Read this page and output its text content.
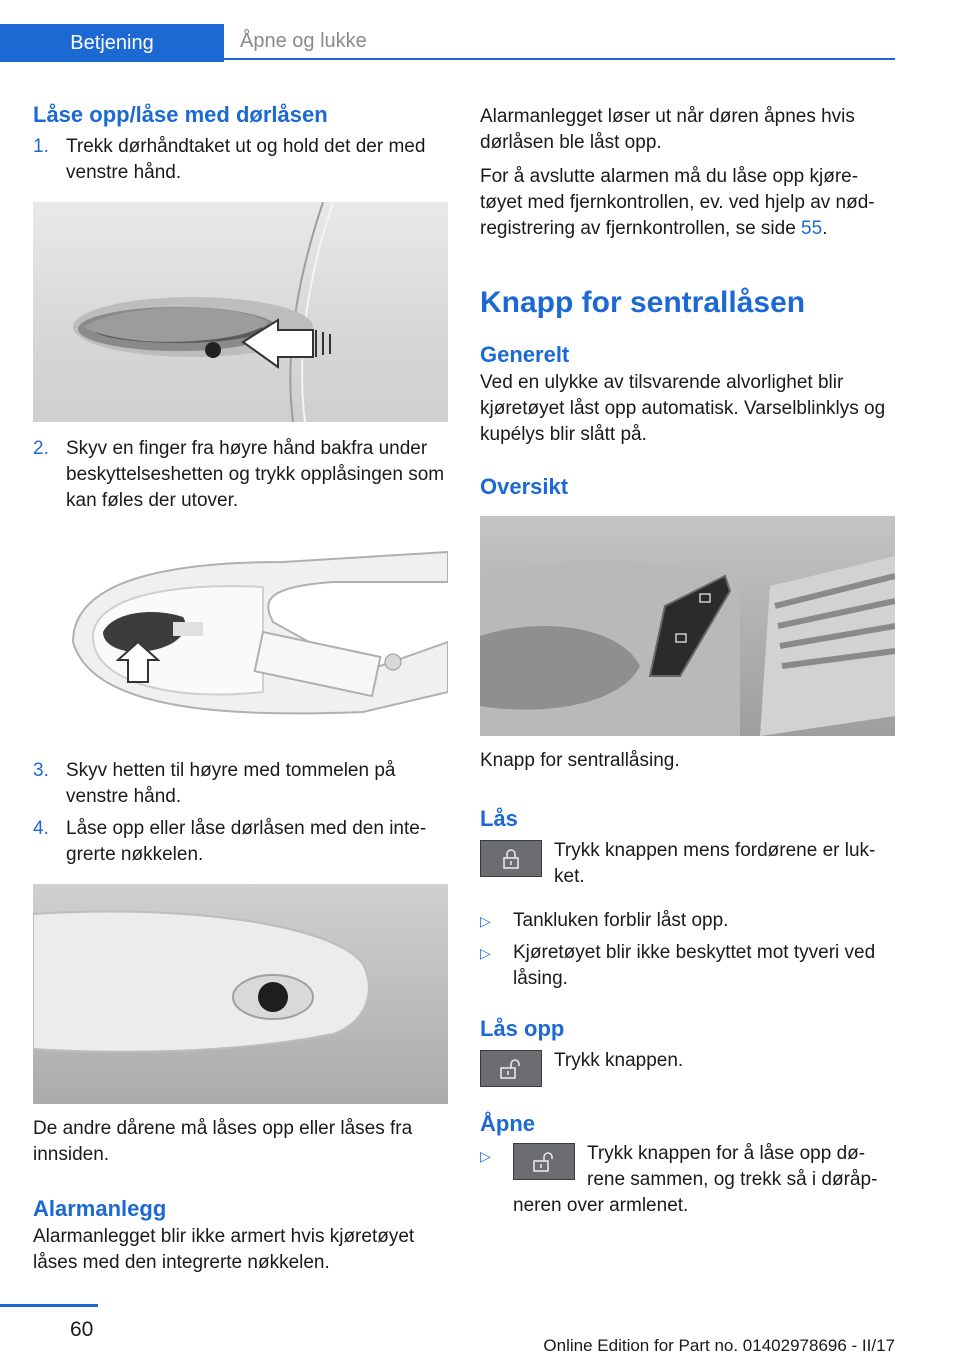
Betjening	Åpne og lukke
Låse opp/låse med dørlåsen
1. Trekk dørhåndtaket ut og hold det der med venstre hånd.
2. Skyv en finger fra høyre hånd bakfra under beskyttelseshetten og trykk opplåsingen som kan føles der utover.
3. Skyv hetten til høyre med tommelen på venstre hånd.
4. Låse opp eller låse dørlåsen med den inte‐grerte nøkkelen.

De andre dårene må låses opp eller låses fra innsiden.

Alarmanlegg

Alarmanlegget blir ikke armert hvis kjøretøyet låses med den integrerte nøkkelen.

Alarmanlegget løser ut når døren åpnes hvis dørlåsen ble låst opp.

For å avslutte alarmen må du låse opp kjøre‐tøyet med fjernkontrollen, ev. ved hjelp av nød‐registrering av fjernkontrollen, se side 55.

Knapp for sentrallåsen
Generelt

Ved en ulykke av tilsvarende alvorlighet blir kjøretøyet låst opp automatisk. Varselblinklys og kupélys blir slått på.

Oversikt

Knapp for sentrallåsing.

Lås

Trykk knappen mens fordørene er luk‐ket.

▷	Tankluken forblir låst opp.
▷	Kjøretøyet blir ikke beskyttet mot tyveri ved låsing.
Lås opp

Trykk knappen.

Åpne
▷	Trykk knappen for å låse opp dø‐rene sammen, og trekk så i døråp‐
neren over armlenet.
60
Online Edition for Part no. 01402978696 - II/17
